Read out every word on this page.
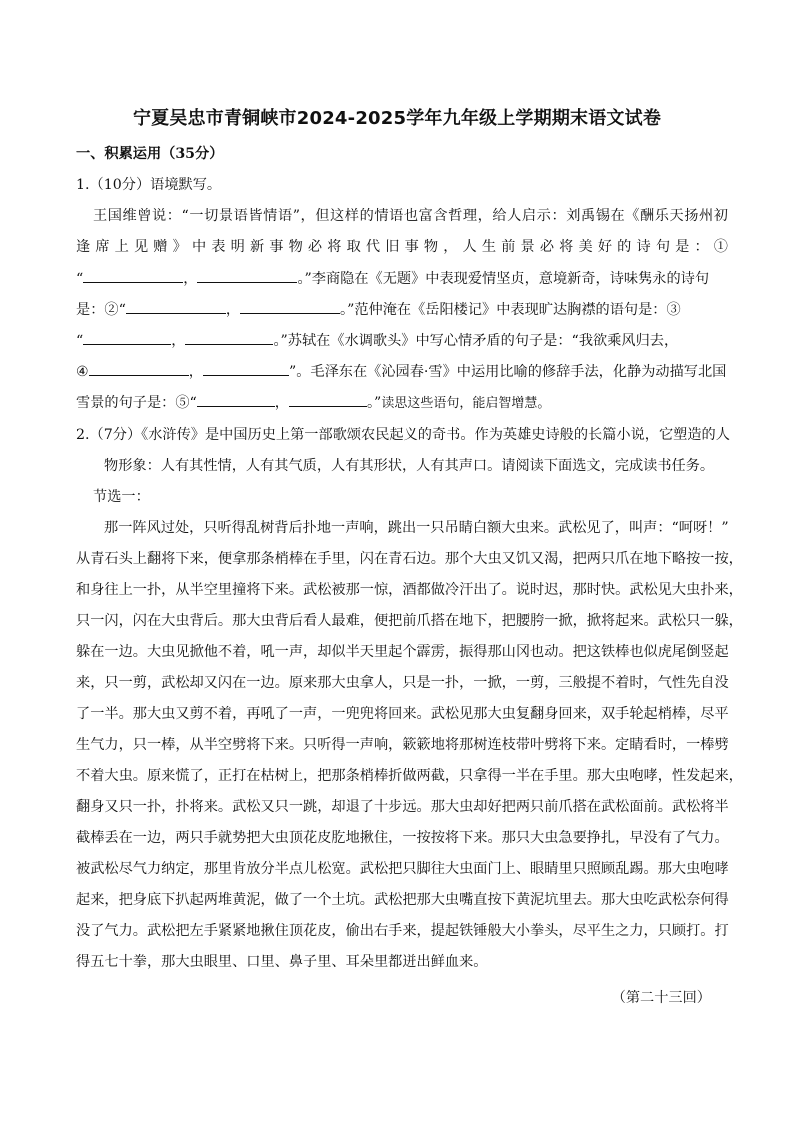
宁夏吴忠市青铜峡市2024-2025学年九年级上学期期末语文试卷
一、积累运用（35分）
1.（10分）语境默写。
王国维曾说：“一切景语皆情语”，但这样的情语也富含哲理，给人启示：刘禹锡在《酬乐天扬州初
逢席上见赠》中表明新事物必将取代旧事物，人生前景必将美好的诗句是：①
“	，	。”李商隐在《无题》中表现爱情坚贞，意境新奇，诗味隽永的诗句
是：②“	，	。”范仲淹在《岳阳楼记》中表现旷达胸襟的语句是：③
“	，	。”苏轼在《水调歌头》中写心情矛盾的句子是：“我欲乘风归去，
④	，	”。毛泽东在《沁园春·雪》中运用比喻的修辞手法，化静为动描写北国
雪景的句子是：⑤“	，	。”读思这些语句，能启智增慧。
2.（7分）《水浒传》是中国历史上第一部歌颂农民起义的奇书。作为英雄史诗般的长篇小说，它塑造的人
物形象：人有其性情，人有其气质，人有其形状，人有其声口。请阅读下面选文，完成读书任务。
节选一：
那一阵风过处，只听得乱树背后扑地一声响，跳出一只吊睛白额大虫来。武松见了，叫声：“呵呀！”
从青石头上翻将下来，便拿那条梢棒在手里，闪在青石边。那个大虫又饥又渴，把两只爪在地下略按一按，
和身往上一扑，从半空里撞将下来。武松被那一惊，酒都做冷汗出了。说时迟，那时快。武松见大虫扑来，
只一闪，闪在大虫背后。那大虫背后看人最难，便把前爪搭在地下，把腰胯一掀，掀将起来。武松只一躲，
躲在一边。大虫见掀他不着，吼一声，却似半天里起个霹雳，振得那山冈也动。把这铁棒也似虎尾倒竖起
来，只一剪，武松却又闪在一边。原来那大虫拿人，只是一扑，一掀，一剪，三般提不着时，气性先自没
了一半。那大虫又剪不着，再吼了一声，一兜兜将回来。武松见那大虫复翻身回来，双手轮起梢棒，尽平
生气力，只一棒，从半空劈将下来。只听得一声响，簌簌地将那树连枝带叶劈将下来。定睛看时，一棒劈
不着大虫。原来慌了，正打在枯树上，把那条梢棒折做两截，只拿得一半在手里。那大虫咆哮，性发起来，
翻身又只一扑，扑将来。武松又只一跳，却退了十步远。那大虫却好把两只前爪搭在武松面前。武松将半
截棒丢在一边，两只手就势把大虫顶花皮肐地揪住，一按按将下来。那只大虫急要挣扎，早没有了气力。
被武松尽气力纳定，那里肯放分半点儿松宽。武松把只脚往大虫面门上、眼睛里只照顾乱踢。那大虫咆哮
起来，把身底下扒起两堆黄泥，做了一个土坑。武松把那大虫嘴直按下黄泥坑里去。那大虫吃武松奈何得
没了气力。武松把左手紧紧地揪住顶花皮，偷出右手来，提起铁锤般大小拳头，尽平生之力，只顾打。打
得五七十拳，那大虫眼里、口里、鼻子里、耳朵里都迸出鲜血来。
（第二十三回）
